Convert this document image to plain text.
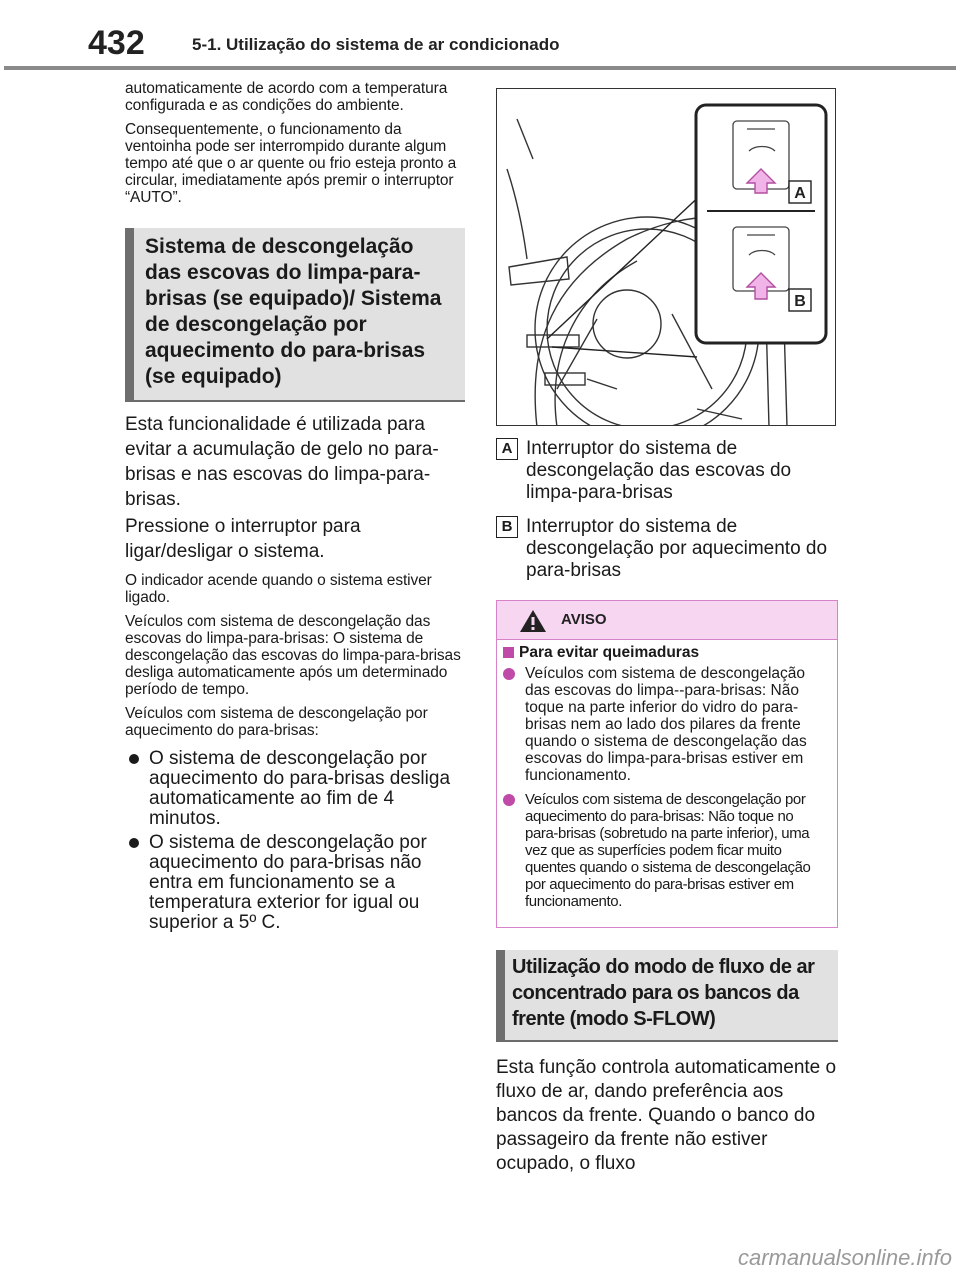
432	5-1. Utilização do sistema de ar condicionado

automaticamente de acordo com a temperatura configurada e as condições do ambiente.

Consequentemente, o funcionamento da ventoinha pode ser interrompido durante algum tempo até que o ar quente ou frio esteja pronto a circular, imediatamente após premir o interruptor “AUTO”.

Sistema de descongelação das escovas do limpa-para-brisas (se equipado)/ Sistema de descongelação por aquecimento do para-brisas (se equipado)

Esta funcionalidade é utilizada para evitar a acumulação de gelo no para-brisas e nas escovas do limpa-para-brisas.

Pressione o interruptor para ligar/desligar o sistema.

O indicador acende quando o sistema estiver ligado.

Veículos com sistema de descongelação das escovas do limpa-para-brisas: O sistema de descongelação das escovas do limpa-para-brisas desliga automaticamente após um determinado período de tempo.

Veículos com sistema de descongelação por aquecimento do para-brisas:

O sistema de descongelação por aquecimento do para-brisas desliga automaticamente ao fim de 4 minutos.
O sistema de descongelação por aquecimento do para-brisas não entra em funcionamento se a temperatura exterior for igual ou superior a 5º C.
A
B
A Interruptor do sistema de descongelação das escovas do limpa-para-brisas
B Interruptor do sistema de descongelação por aquecimento do para-brisas
AVISO
Para evitar queimaduras
Veículos com sistema de descongelação das escovas do limpa--para-brisas: Não toque na parte inferior do vidro do para-brisas nem ao lado dos pilares da frente quando o sistema de descongelação das escovas do limpa-para-brisas estiver em funcionamento.
Veículos com sistema de descongelação por aquecimento do para-brisas: Não toque no para-brisas (sobretudo na parte inferior), uma vez que as superfícies podem ficar muito quentes quando o sistema de descongelação por aquecimento do para-brisas estiver em funcionamento.
Utilização do modo de fluxo de ar concentrado para os bancos da frente (modo S-FLOW)

Esta função controla automaticamente o fluxo de ar, dando preferência aos bancos da frente. Quando o banco do passageiro da frente não estiver ocupado, o fluxo

carmanualsonline.info
